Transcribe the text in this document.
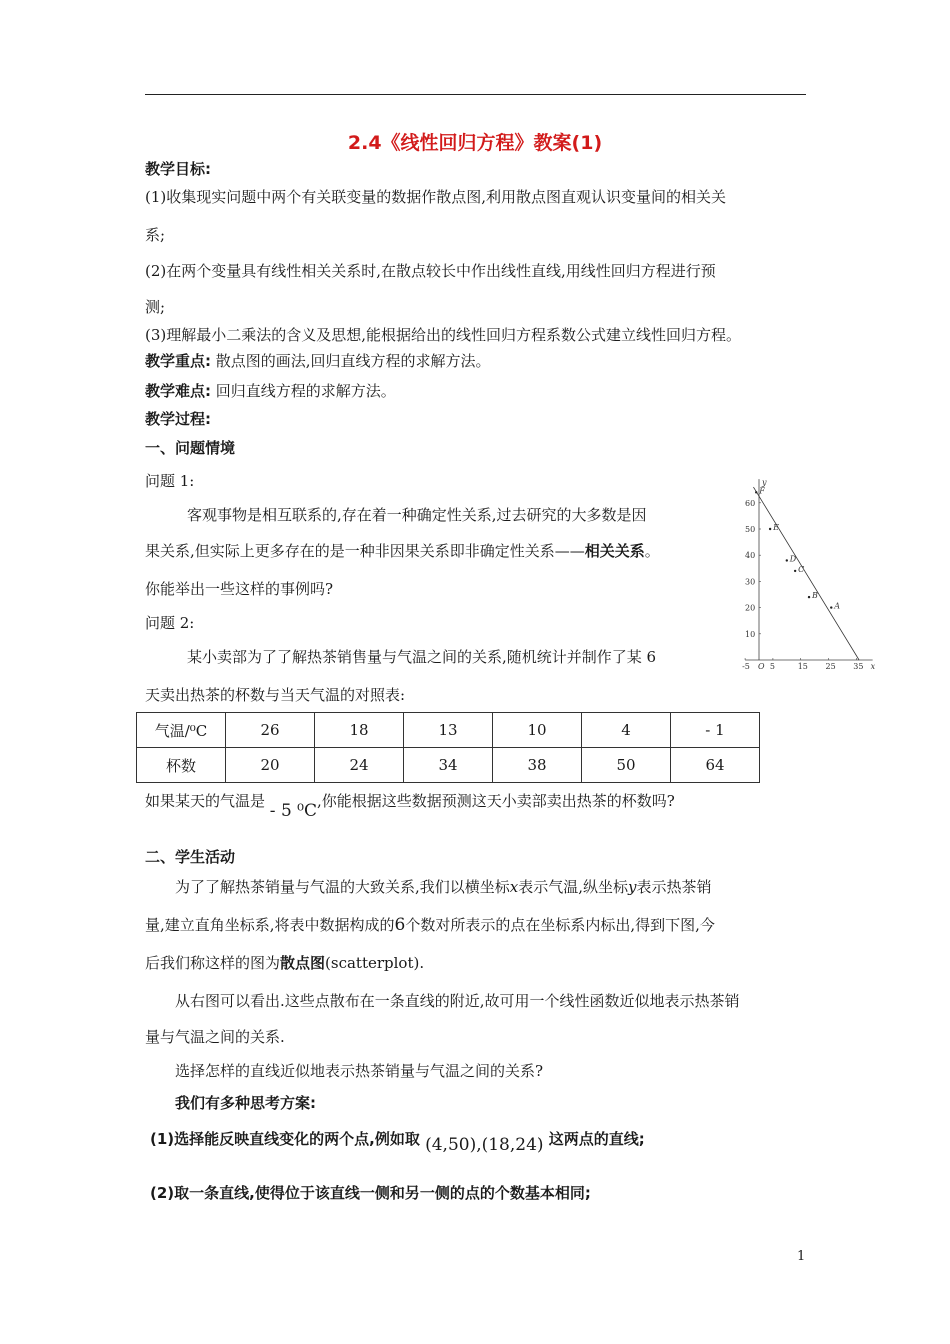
2.4《线性回归方程》教案(1)
教学目标:
(1)收集现实问题中两个有关联变量的数据作散点图,利用散点图直观认识变量间的相关关
系;
(2)在两个变量具有线性相关关系时,在散点较长中作出线性直线,用线性回归方程进行预
测;
(3)理解最小二乘法的含义及思想,能根据给出的线性回归方程系数公式建立线性回归方程。
教学重点: 散点图的画法,回归直线方程的求解方法。
教学难点: 回归直线方程的求解方法。
教学过程:
一、问题情境
问题 1:
客观事物是相互联系的,存在着一种确定性关系,过去研究的大多数是因
果关系,但实际上更多存在的是一种非因果关系即非确定性关系——相关关系。
你能举出一些这样的事例吗?
问题 2:
某小卖部为了了解热茶销售量与气温之间的关系,随机统计并制作了某 6
天卖出热茶的杯数与当天气温的对照表:
x
y
O
-5	5	15 25 35
10
20
30
40
50
60
A
B
C
D
E
F
气温/⁰C	26	18	13	10	4	- 1
杯数	20	24	34	38	50	64
如果某天的气温是 - 5 ⁰C,你能根据这些数据预测这天小卖部卖出热茶的杯数吗?
二、学生活动
为了了解热茶销量与气温的大致关系,我们以横坐标x表示气温,纵坐标y表示热茶销
量,建立直角坐标系,将表中数据构成的6个数对所表示的点在坐标系内标出,得到下图,今
后我们称这样的图为散点图(scatterplot).
从右图可以看出.这些点散布在一条直线的附近,故可用一个线性函数近似地表示热茶销
量与气温之间的关系.
选择怎样的直线近似地表示热茶销量与气温之间的关系?
我们有多种思考方案:
(1)选择能反映直线变化的两个点,例如取 (4,50),(18,24) 这两点的直线;
(2)取一条直线,使得位于该直线一侧和另一侧的点的个数基本相同;
1
